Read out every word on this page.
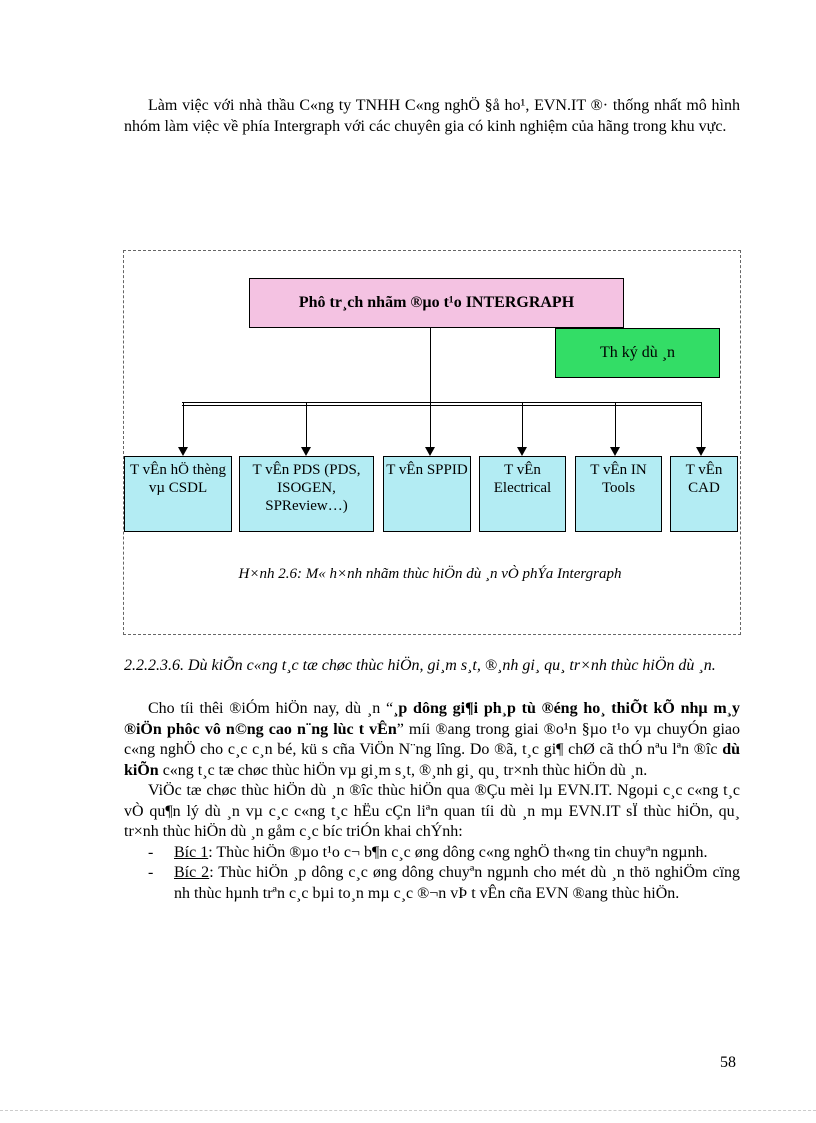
Làm việc với nhà thầu C«ng ty TNHH C«ng nghÖ §å ho¹, EVN.IT ®· thống nhất mô hình nhóm làm việc về phía Intergraph với các chuyên gia có kinh nghiệm của hãng trong khu vực.
Phô tr¸ch nhãm ®µo t¹o INTERGRAPH
Th ký dù ¸n
T vÊn hÖ thèng vµ CSDL
T vÊn PDS (PDS, ISOGEN, SPReview…)
T vÊn SPPID	T vÊn Electrical
T vÊn IN Tools
T vÊn CAD
H×nh 2.6: M« h×nh nhãm thùc hiÖn dù ¸n vÒ phÝa Intergraph
2.2.2.3.6. Dù kiÕn c«ng t¸c tæ chøc thùc hiÖn, gi¸m s¸t, ®¸nh gi¸ qu¸ tr×nh thùc hiÖn dù ¸n.

Cho tíi thêi ®iÓm hiÖn nay, dù ¸n “¸p dông gi¶i ph¸p tù ®éng ho¸ thiÕt kÕ nhµ m¸y ®iÖn phôc vô n©ng cao n¨ng lùc t vÊn” míi ®ang trong giai ®o¹n §µo t¹o vµ chuyÓn giao c«ng nghÖ cho c¸c c¸n bé, kü s cña ViÖn N¨ng lîng. Do ®ã, t¸c gi¶ chØ cã thÓ nªu lªn ®îc dù kiÕn c«ng t¸c tæ chøc thùc hiÖn vµ gi¸m s¸t, ®¸nh gi¸ qu¸ tr×nh thùc hiÖn dù ¸n.

ViÖc tæ chøc thùc hiÖn dù ¸n ®îc thùc hiÖn qua ®Çu mèi lµ EVN.IT. Ngoµi c¸c c«ng t¸c vÒ qu¶n lý dù ¸n vµ c¸c c«ng t¸c hËu cÇn liªn quan tíi dù ¸n mµ EVN.IT sÏ thùc hiÖn, qu¸ tr×nh thùc hiÖn dù ¸n gåm c¸c bíc triÓn khai chÝnh:

- Bíc 1: Thùc hiÖn ®µo t¹o c¬ b¶n c¸c øng dông c«ng nghÖ th«ng tin chuyªn ngµnh.

- Bíc 2: Thùc hiÖn ¸p dông c¸c øng dông chuyªn ngµnh cho mét dù ¸n thö nghiÖm cïng nh thùc hµnh trªn c¸c bµi to¸n mµ c¸c ®¬n vÞ t vÊn cña EVN ®ang thùc hiÖn.

58
